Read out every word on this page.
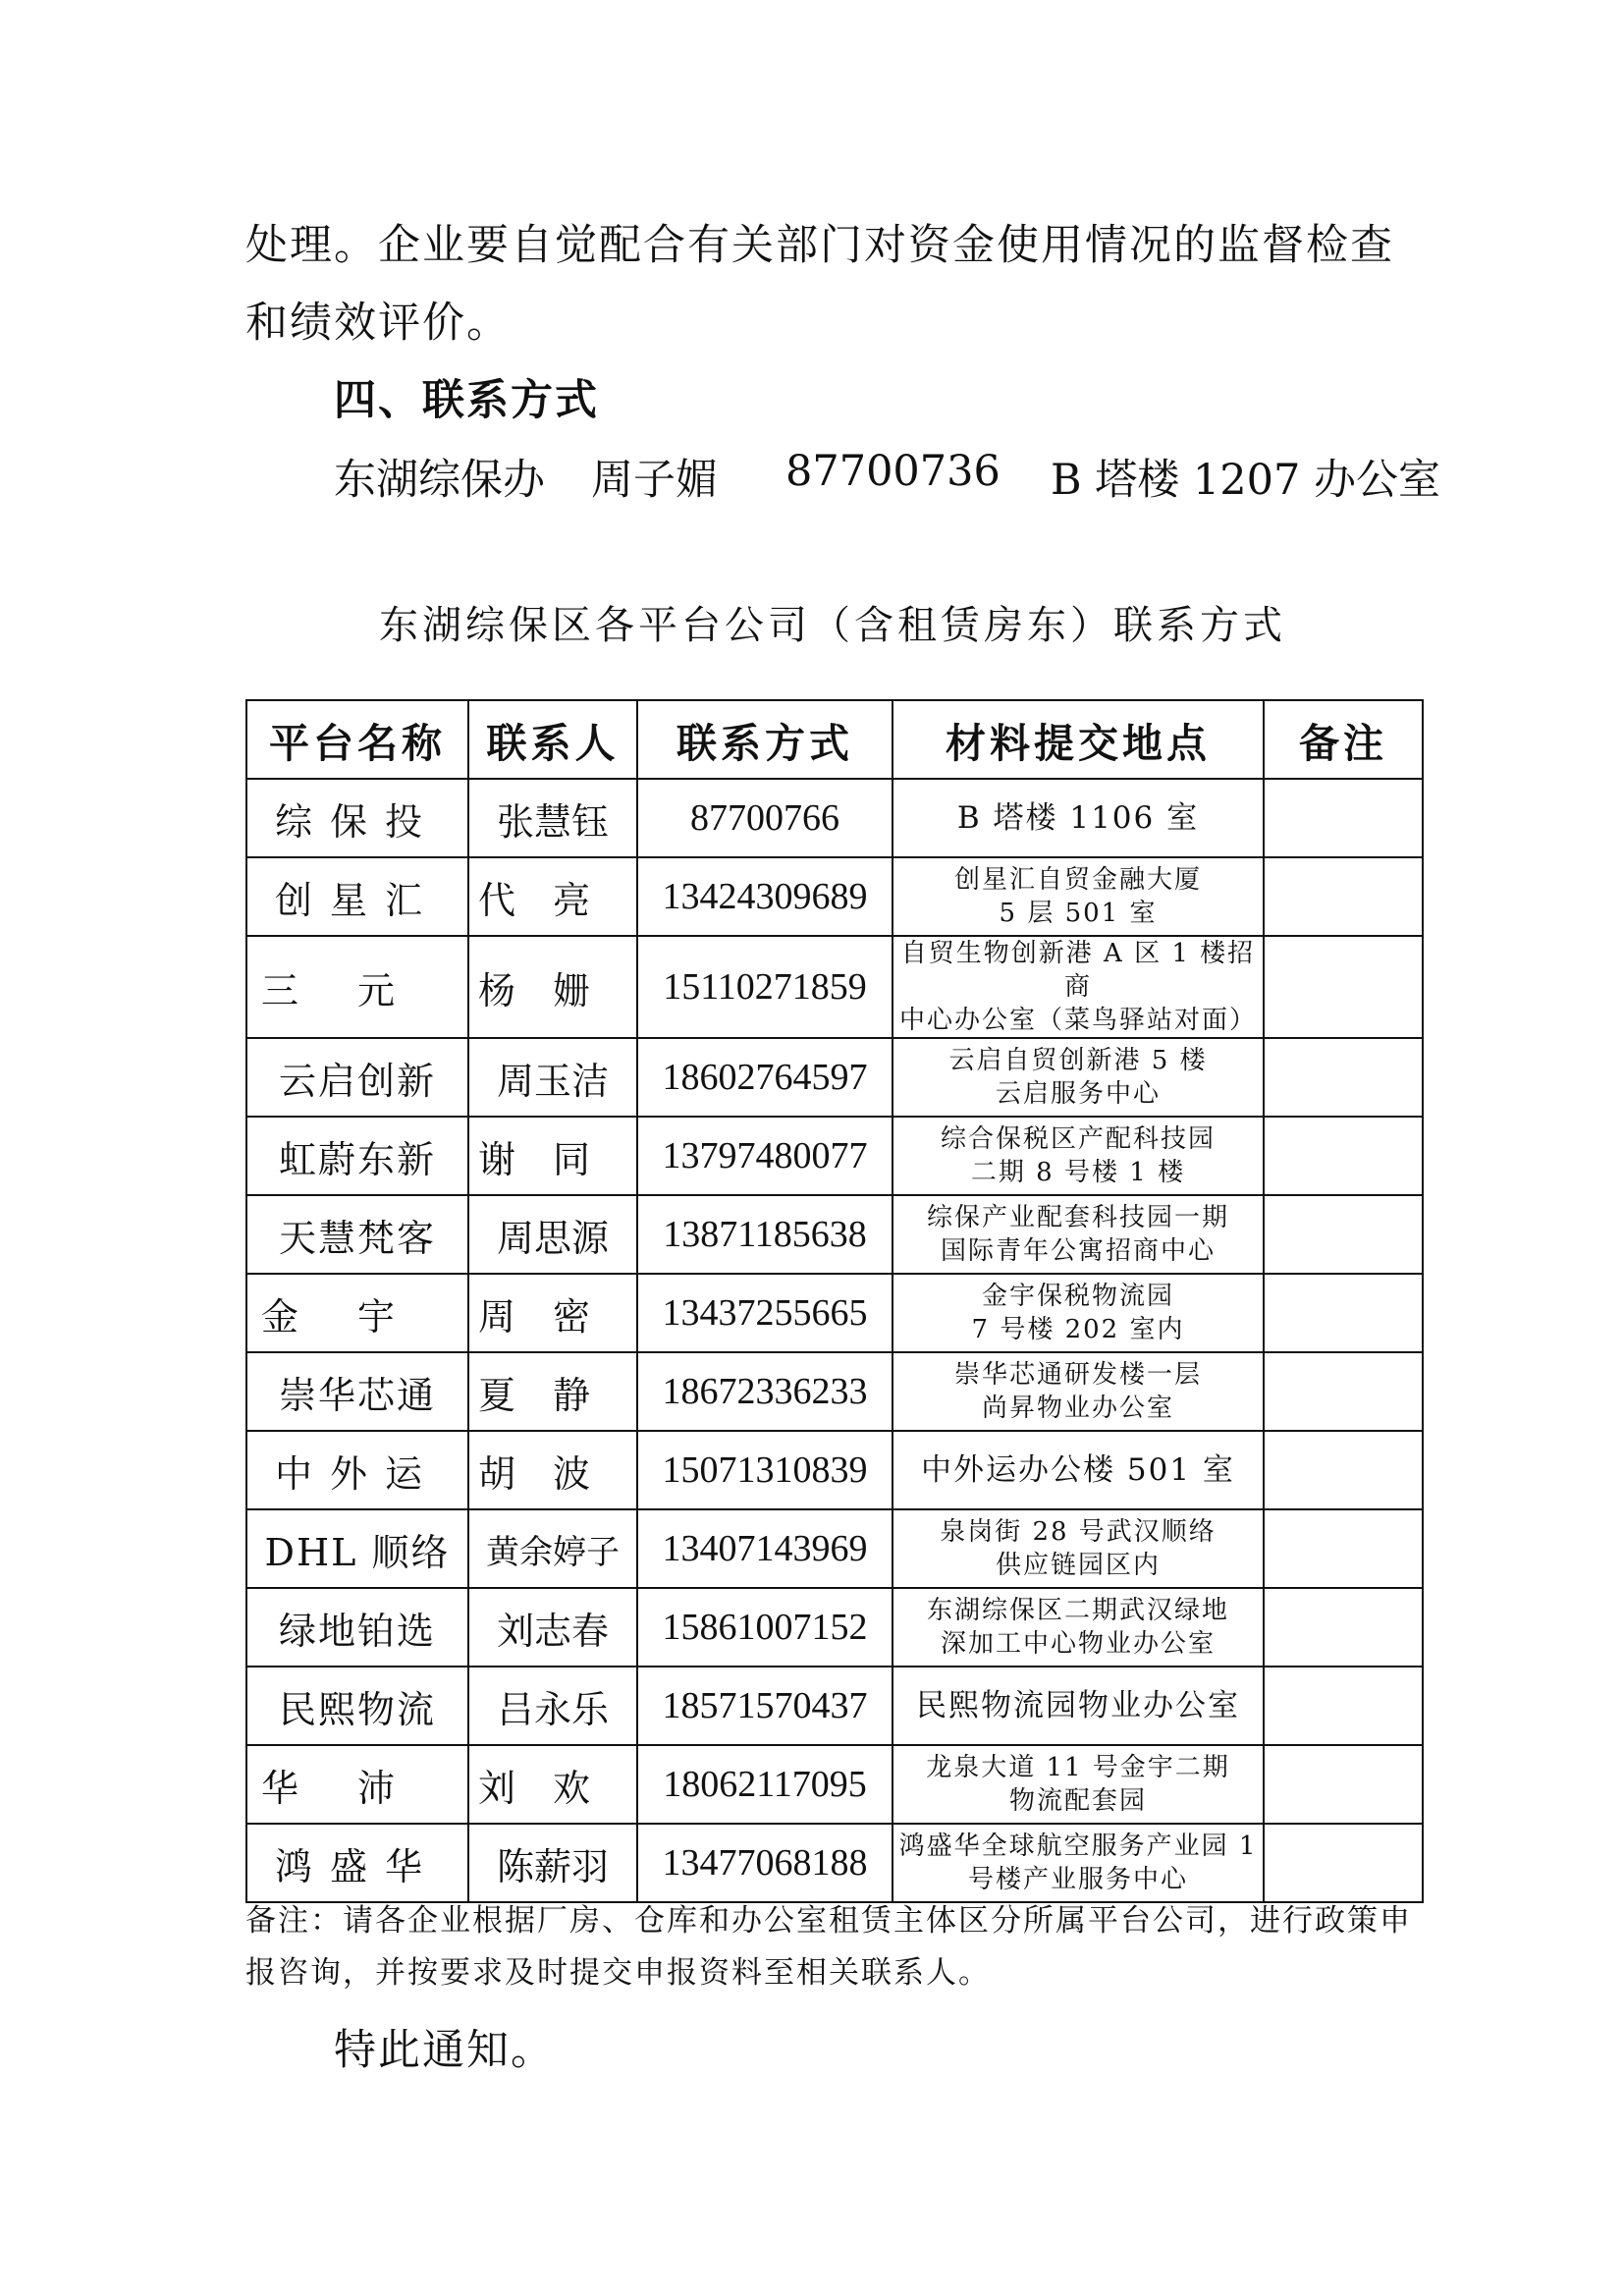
处理。企业要自觉配合有关部门对资金使用情况的监督检查
和绩效评价。
四、联系方式
东湖综保办 周子媚 87700736 B 塔楼 1207 办公室
东湖综保区各平台公司（含租赁房东）联系方式
平台名称	联系人	联系方式	材料提交地点	备注
综保投	张慧钰	87700766	B 塔楼 1106 室	

创星汇	代亮	13424309689	创星汇自贸金融大厦
5 层 501 室	

三元	杨姗	15110271859	自贸生物创新港 A 区 1 楼招商
中心办公室（菜鸟驿站对面）	

云启创新	周玉洁	18602764597	云启自贸创新港 5 楼
云启服务中心	

虹蔚东新	谢同	13797480077	综合保税区产配科技园
二期 8 号楼 1 楼	

天慧梵客	周思源	13871185638	综保产业配套科技园一期
国际青年公寓招商中心	

金宇	周密	13437255665	金宇保税物流园
7 号楼 202 室内	

崇华芯通	夏静	18672336233	崇华芯通研发楼一层
尚昇物业办公室	

中外运	胡波	15071310839	中外运办公楼 501 室	

DHL 顺络	黄余婷子	13407143969	泉岗街 28 号武汉顺络
供应链园区内	

绿地铂选	刘志春	15861007152	东湖综保区二期武汉绿地
深加工中心物业办公室	

民熙物流	吕永乐	18571570437	民熙物流园物业办公室	

华沛	刘欢	18062117095	龙泉大道 11 号金宇二期
物流配套园	

鸿盛华	陈薪羽	13477068188	鸿盛华全球航空服务产业园 1
号楼产业服务中心	

备注：请各企业根据厂房、仓库和办公室租赁主体区分所属平台公司，进行政策申报咨询，并按要求及时提交申报资料至相关联系人。
特此通知。
